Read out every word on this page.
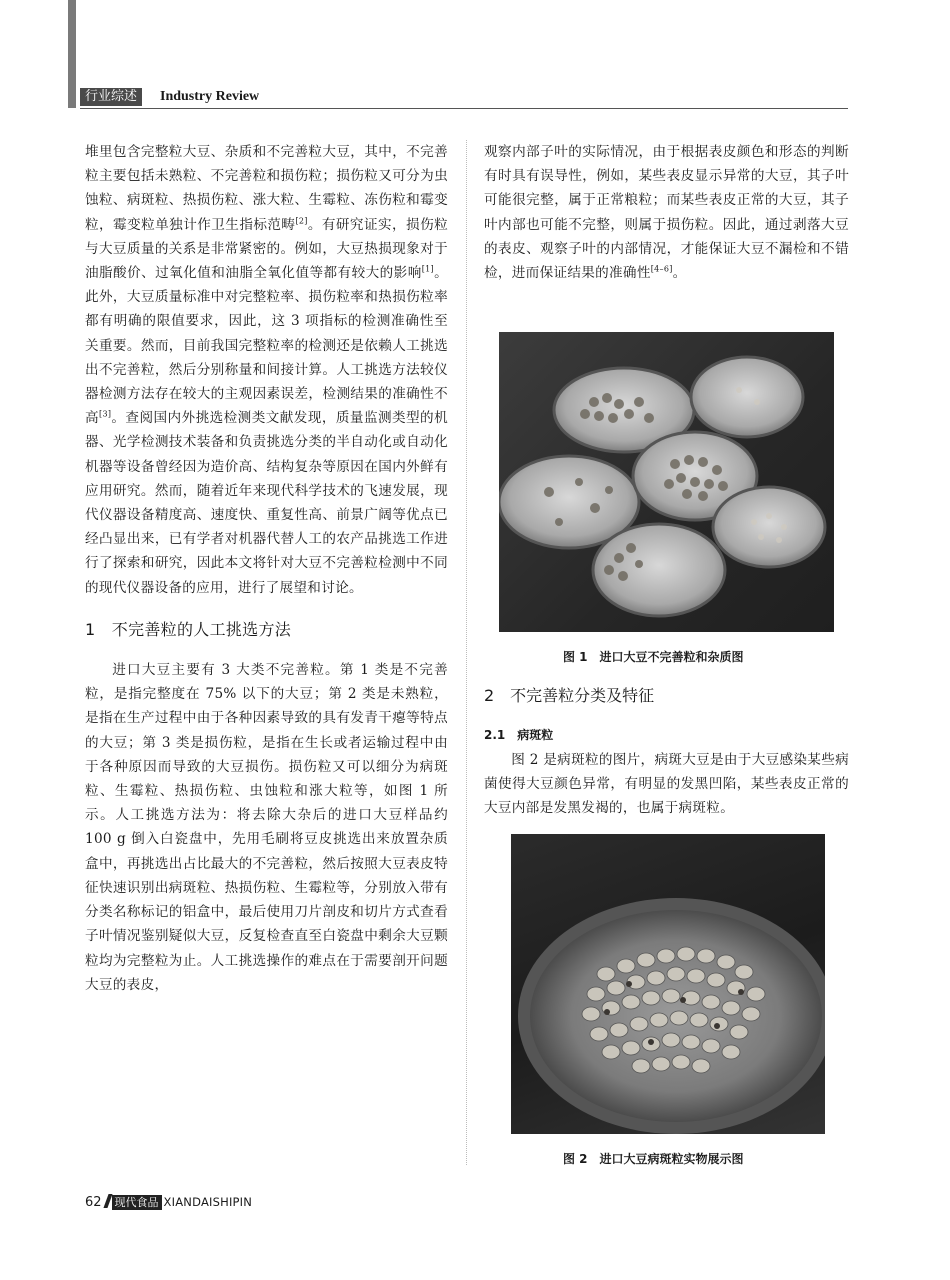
行业综述	Industry Review

堆里包含完整粒大豆、杂质和不完善粒大豆，其中，不完善粒主要包括未熟粒、不完善粒和损伤粒；损伤粒又可分为虫蚀粒、病斑粒、热损伤粒、涨大粒、生霉粒、冻伤粒和霉变粒，霉变粒单独计作卫生指标范畴[2]。有研究证实，损伤粒与大豆质量的关系是非常紧密的。例如，大豆热损现象对于油脂酸价、过氧化值和油脂全氧化值等都有较大的影响[1]。此外，大豆质量标准中对完整粒率、损伤粒率和热损伤粒率都有明确的限值要求，因此，这 3 项指标的检测准确性至关重要。然而，目前我国完整粒率的检测还是依赖人工挑选出不完善粒，然后分别称量和间接计算。人工挑选方法较仪器检测方法存在较大的主观因素误差，检测结果的准确性不高[3]。查阅国内外挑选检测类文献发现，质量监测类型的机器、光学检测技术装备和负责挑选分类的半自动化或自动化机器等设备曾经因为造价高、结构复杂等原因在国内外鲜有应用研究。然而，随着近年来现代科学技术的飞速发展，现代仪器设备精度高、速度快、重复性高、前景广阔等优点已经凸显出来，已有学者对机器代替人工的农产品挑选工作进行了探索和研究，因此本文将针对大豆不完善粒检测中不同的现代仪器设备的应用，进行了展望和讨论。

1　不完善粒的人工挑选方法

进口大豆主要有 3 大类不完善粒。第 1 类是不完善粒，是指完整度在 75% 以下的大豆；第 2 类是未熟粒，是指在生产过程中由于各种因素导致的具有发青干瘪等特点的大豆；第 3 类是损伤粒，是指在生长或者运输过程中由于各种原因而导致的大豆损伤。损伤粒又可以细分为病斑粒、生霉粒、热损伤粒、虫蚀粒和涨大粒等，如图 1 所示。人工挑选方法为：将去除大杂后的进口大豆样品约 100 g 倒入白瓷盘中，先用毛刷将豆皮挑选出来放置杂质盒中，再挑选出占比最大的不完善粒，然后按照大豆表皮特征快速识别出病斑粒、热损伤粒、生霉粒等，分别放入带有分类名称标记的铝盒中，最后使用刀片剖皮和切片方式查看子叶情况鉴别疑似大豆，反复检查直至白瓷盘中剩余大豆颗粒均为完整粒为止。人工挑选操作的难点在于需要剖开问题大豆的表皮，

观察内部子叶的实际情况，由于根据表皮颜色和形态的判断有时具有误导性，例如，某些表皮显示异常的大豆，其子叶可能很完整，属于正常粮粒；而某些表皮正常的大豆，其子叶内部也可能不完整，则属于损伤粒。因此，通过剥落大豆的表皮、观察子叶的内部情况，才能保证大豆不漏检和不错检，进而保证结果的准确性[4–6]。

图 1　进口大豆不完善粒和杂质图
2　不完善粒分类及特征
2.1　病斑粒

图 2 是病斑粒的图片，病斑大豆是由于大豆感染某些病菌使得大豆颜色异常，有明显的发黑凹陷，某些表皮正常的大豆内部是发黑发褐的，也属于病斑粒。

图 2　进口大豆病斑粒实物展示图
62 现代食品 XIANDAISHIPIN
